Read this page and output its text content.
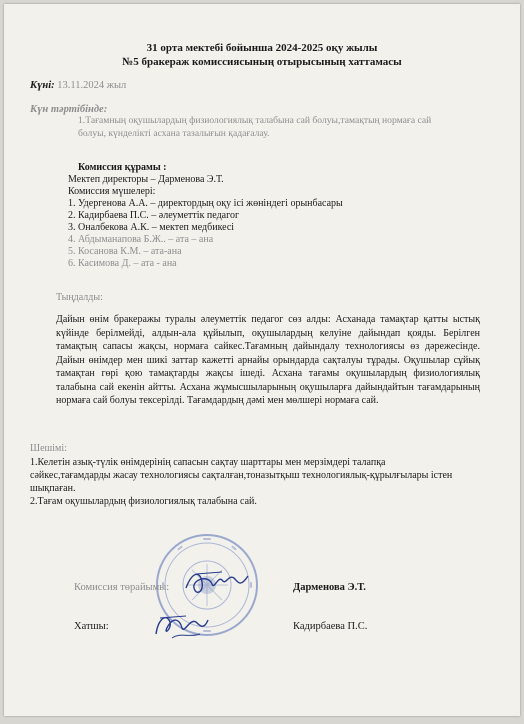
31 орта мектебі бойынша 2024-2025 оқу жылы
№5 бракераж комиссиясының отырысының хаттамасы
Күні: 13.11.2024 жыл
Күн тәртібінде:
1.Тағамның оқушылардың физиологиялық талабына сай болуы,тамақтың нормаға сай
болуы, күнделікті асхана тазалығын қадағалау.
Комиссия құрамы :
Мектеп директоры – Дарменова Э.Т.
Комиссия мүшелері:
1. Удергенова А.А. – директордың оқу ісі жөніндегі орынбасары
2. Кадирбаева П.С. – әлеуметтік педагог
3. Оналбекова А.К. – мектеп медбикесі
4. Абдыманапова Б.Ж.. – ата – ана
5. Косанова К.М. – ата-ана
6. Касимова Д. – ата - ана
Тыңдалды:
Дайын өнім бракеражы туралы әлеуметтік педагог сөз алды: Асханада тамақтар қатты ыстық күйінде берілмейді, алдын-ала құйылып, оқушылардың келуіне дайындап қояды. Берілген тамақтың сапасы жақсы, нормаға сайкес.Тағамның дайындалу технологиясы өз дәрежесінде. Дайын өнімдер мен шикі заттар кажетті арнайы орындарда сақталуы тұрады. Оқушылар сұйық тамақтан гөрі қою тамақтарды жақсы ішеді. Асхана тағамы оқушылардың физиологиялық талабына сай екенін айтты. Асхана жұмысшыларының оқушыларға дайындайтын тағамдарының нормаға сай болуы тексерілді. Тағамдардың дәмі мен мөлшері нормаға сай.
Шешімі:
1.Келетін азық-түлік өнімдерінің сапасын сақтау шарттары мен мерзімдері талапқа
сәйкес,тағамдарды жасау технологиясы сақталған,тоназытқыш технологиялық-құрылғылары істен
шықпаған.
2.Тағам оқушылардың физиологиялық талабына сай.
Комиссия төрайымы:	Дарменова Э.Т.
Хатшы:	Кадирбаева П.С.
